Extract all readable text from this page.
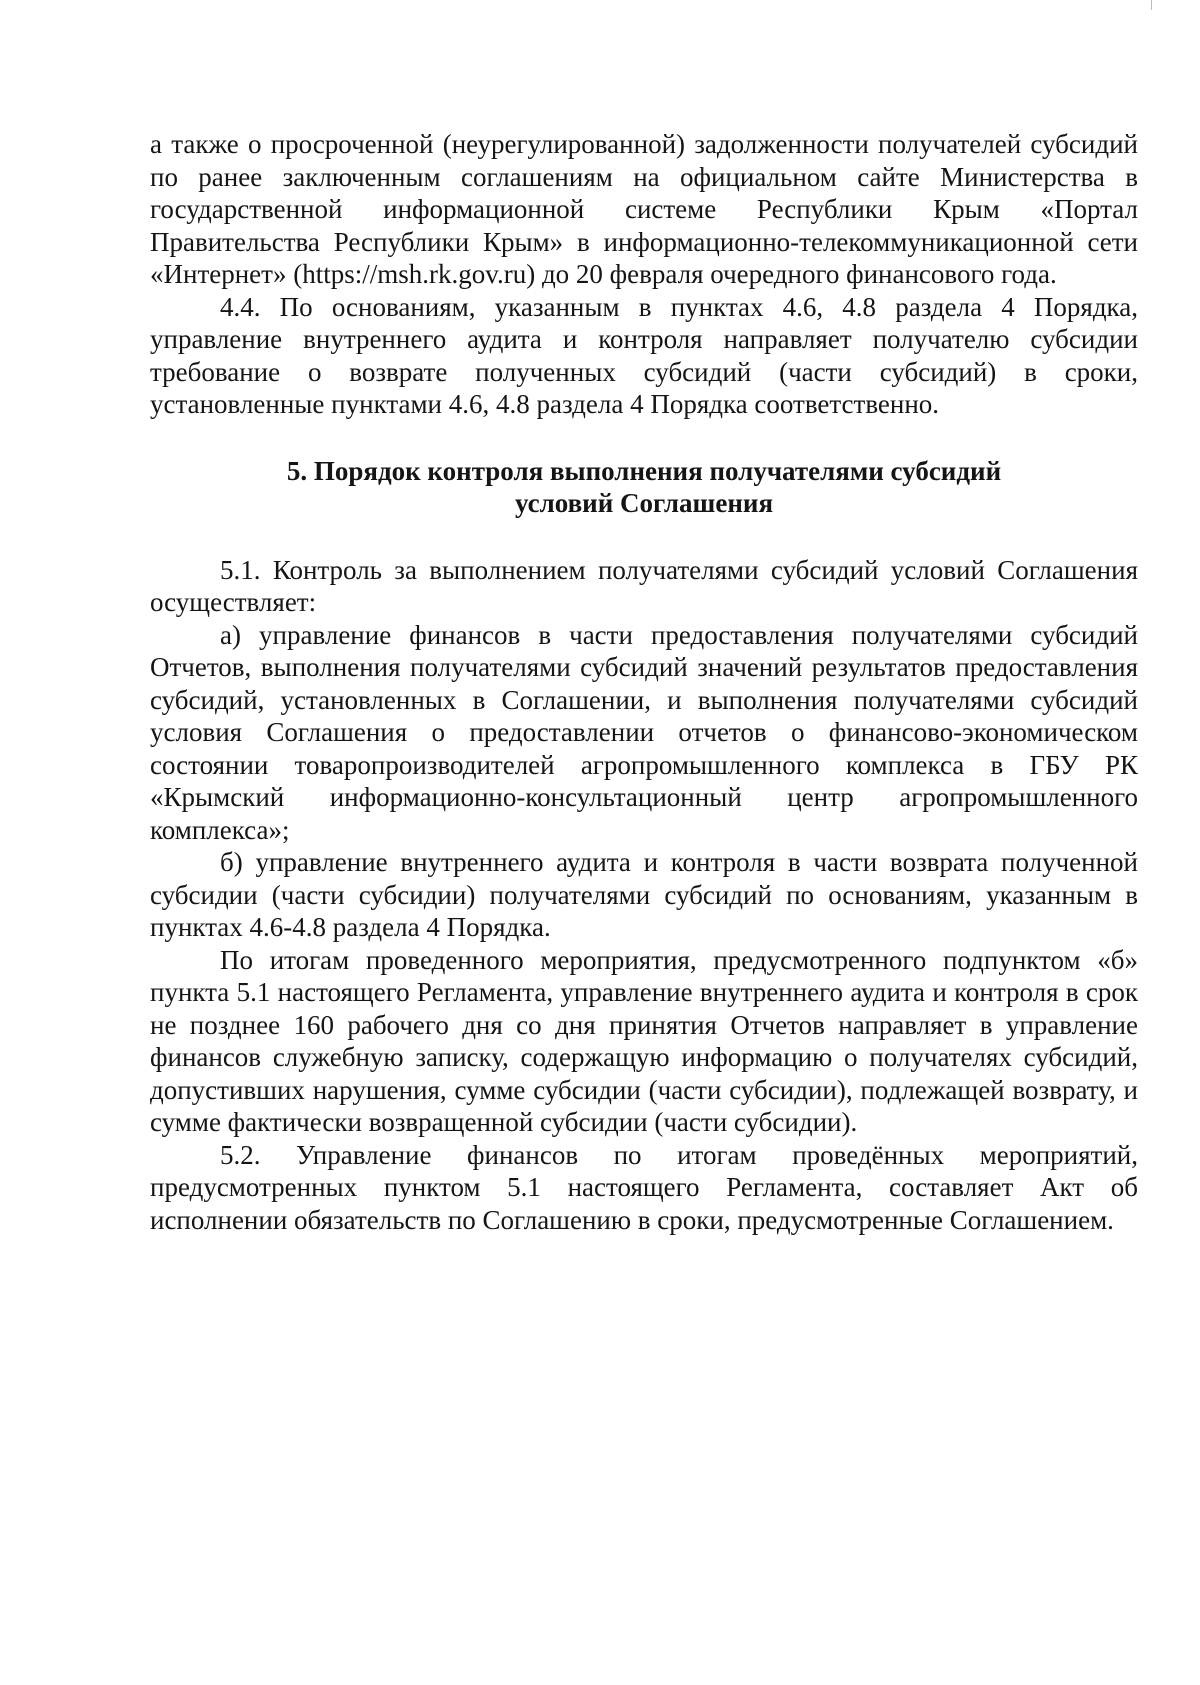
а также о просроченной (неурегулированной) задолженности получателей субсидий по ранее заключенным соглашениям на официальном сайте Министерства в государственной информационной системе Республики Крым «Портал Правительства Республики Крым» в информационно-телекоммуникационной сети «Интернет» (https://msh.rk.gov.ru) до 20 февраля очередного финансового года.

4.4. По основаниям, указанным в пунктах 4.6, 4.8 раздела 4 Порядка, управление внутреннего аудита и контроля направляет получателю субсидии требование о возврате полученных субсидий (части субсидий) в сроки, установленные пунктами 4.6, 4.8 раздела 4 Порядка соответственно.

5. Порядок контроля выполнения получателями субсидий
условий Соглашения

5.1. Контроль за выполнением получателями субсидий условий Соглашения осуществляет:

а) управление финансов в части предоставления получателями субсидий Отчетов, выполнения получателями субсидий значений результатов предоставления субсидий, установленных в Соглашении, и выполнения получателями субсидий условия Соглашения о предоставлении отчетов о финансово-экономическом состоянии товаропроизводителей агропромышленного комплекса в ГБУ РК «Крымский информационно-консультационный центр агропромышленного комплекса»;

б) управление внутреннего аудита и контроля в части возврата полученной субсидии (части субсидии) получателями субсидий по основаниям, указанным в пунктах 4.6-4.8 раздела 4 Порядка.

По итогам проведенного мероприятия, предусмотренного подпунктом «б» пункта 5.1 настоящего Регламента, управление внутреннего аудита и контроля в срок не позднее 160 рабочего дня со дня принятия Отчетов направляет в управление финансов служебную записку, содержащую информацию о получателях субсидий, допустивших нарушения, сумме субсидии (части субсидии), подлежащей возврату, и сумме фактически возвращенной субсидии (части субсидии).

5.2. Управление финансов по итогам проведённых мероприятий, предусмотренных пунктом 5.1 настоящего Регламента, составляет Акт об исполнении обязательств по Соглашению в сроки, предусмотренные Соглашением.
